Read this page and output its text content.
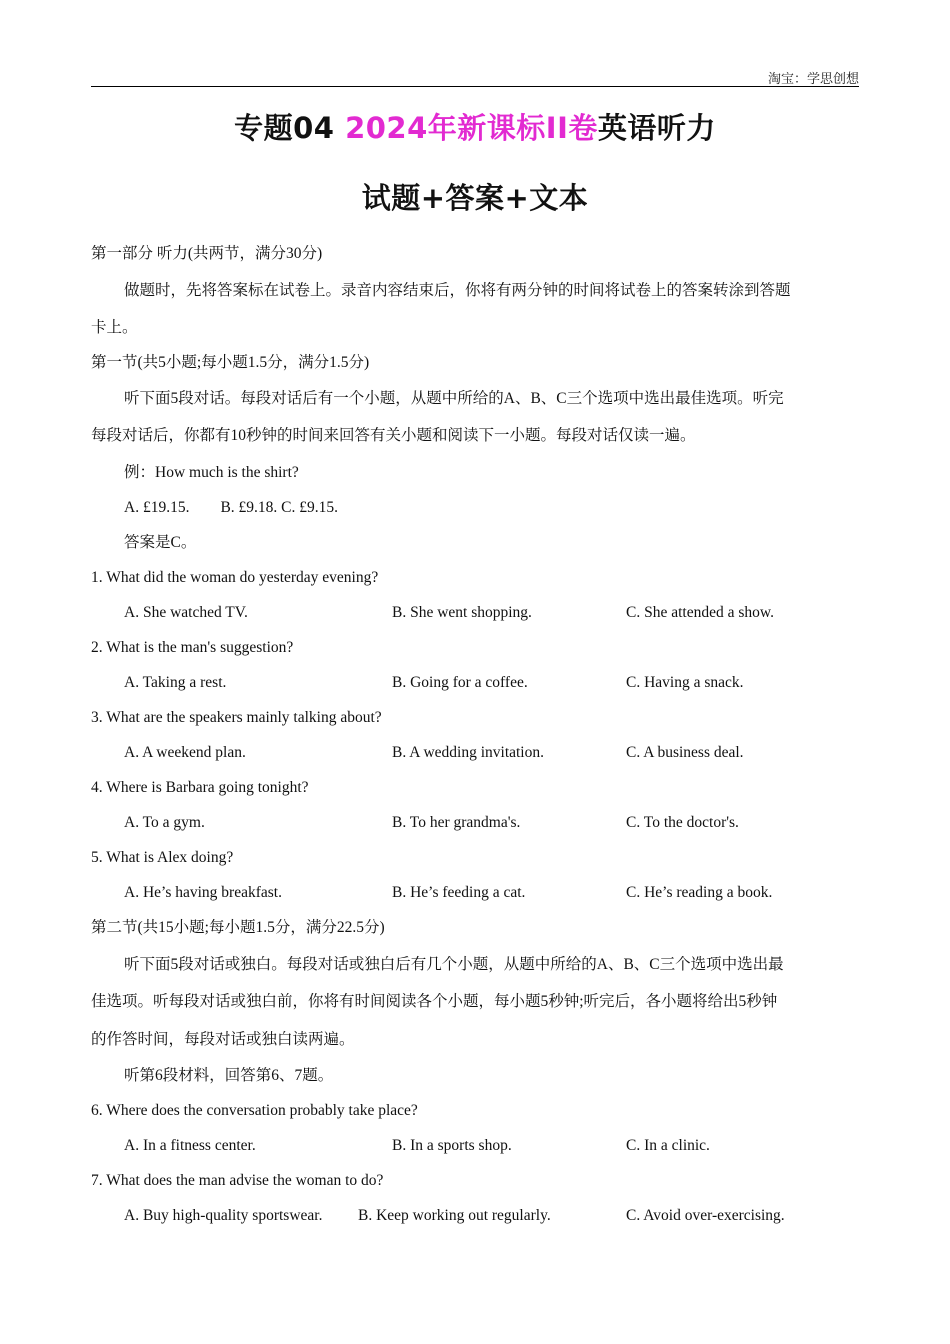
淘宝：学思创想
专题04 2024年新课标II卷英语听力
试题+答案+文本
第一部分 听力(共两节，满分30分)
做题时，先将答案标在试卷上。录音内容结束后，你将有两分钟的时间将试卷上的答案转涂到答题
卡上。
第一节(共5小题;每小题1.5分，满分1.5分)
听下面5段对话。每段对话后有一个小题，从题中所给的A、B、C三个选项中选出最佳选项。听完
每段对话后，你都有10秒钟的时间来回答有关小题和阅读下一小题。每段对话仅读一遍。
例：How much is the shirt?
A. £19.15.        B. £9.18. C. £9.15.
答案是C。
1. What did the woman do yesterday evening?
A. She watched TV.	B. She went shopping.	C. She attended a show.
2. What is the man's suggestion?
A. Taking a rest.	B. Going for a coffee.	C. Having a snack.
3. What are the speakers mainly talking about?
A. A weekend plan.	B. A wedding invitation.	C. A business deal.
4. Where is Barbara going tonight?
A. To a gym.	B. To her grandma's.	C. To the doctor's.
5. What is Alex doing?
A. He’s having breakfast.	B. He’s feeding a cat.	C. He’s reading a book.
第二节(共15小题;每小题1.5分，满分22.5分)
听下面5段对话或独白。每段对话或独白后有几个小题，从题中所给的A、B、C三个选项中选出最
佳选项。听每段对话或独白前，你将有时间阅读各个小题，每小题5秒钟;听完后，各小题将给出5秒钟
的作答时间，每段对话或独白读两遍。
听第6段材料，回答第6、7题。
6. Where does the conversation probably take place?
A. In a fitness center.	B. In a sports shop.	C. In a clinic.
7. What does the man advise the woman to do?
A. Buy high-quality sportswear. B. Keep working out regularly.	C. Avoid over-exercising.
